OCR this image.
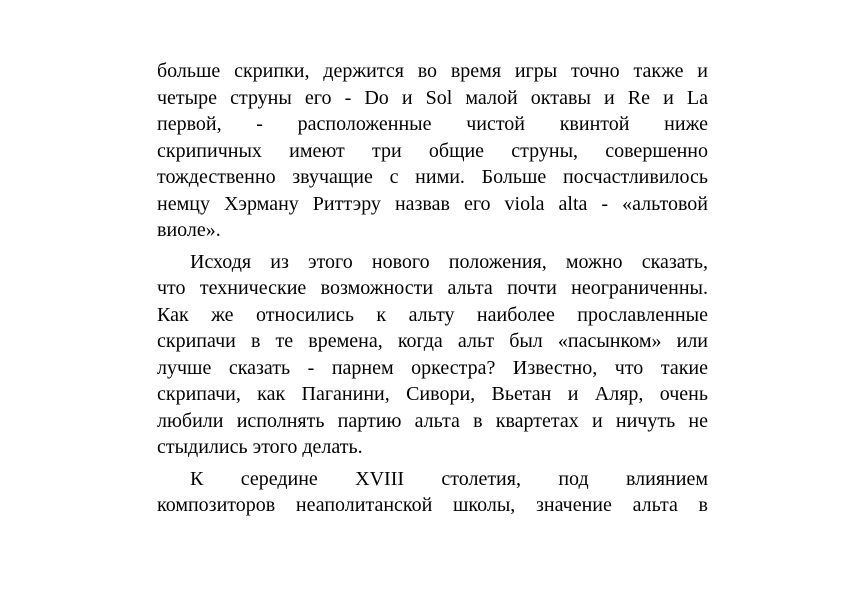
больше скрипки, держится во время игры точно также и
четыре струны его - Do и Sol малой октавы и Re и La
первой, - расположенные чистой квинтой ниже
скрипичных имеют три общие струны, совершенно
тождественно звучащие с ними. Больше посчастливилось
немцу Хэрману Риттэру назвав его viola alta - «альтовой
виоле».
Исходя из этого нового положения, можно сказать,
что технические возможности альта почти неограниченны.
Как же относились к альту наиболее прославленные
скрипачи в те времена, когда альт был «пасынком» или
лучше сказать - парнем оркестра? Известно, что такие
скрипачи, как Паганини, Сивори, Вьетан и Аляр, очень
любили исполнять партию альта в квартетах и ничуть не
стыдились этого делать.
К середине XVIII столетия, под влиянием
композиторов неаполитанской школы, значение альта в
